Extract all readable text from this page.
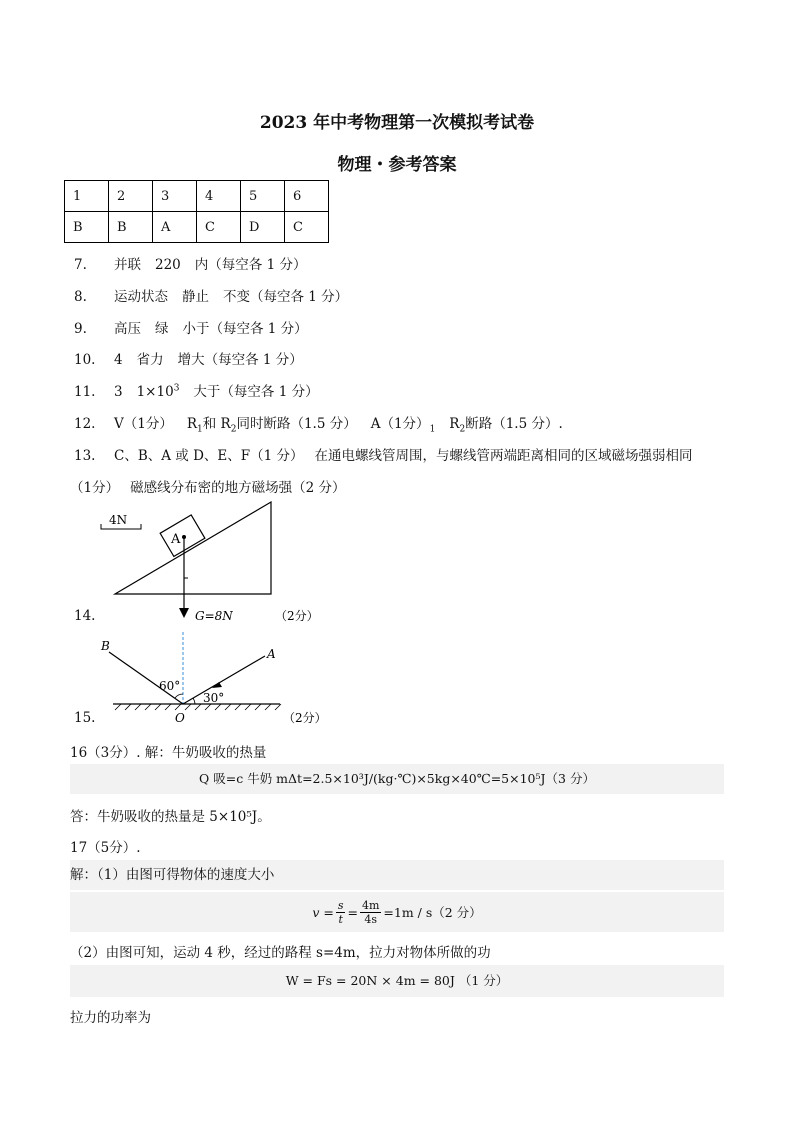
2023 年中考物理第一次模拟考试卷
物理・参考答案
1	2	3	4	5	6
B	B	A	C	D	C
7. 并联 220 内（每空各 1 分）
8. 运动状态 静止 不变（每空各 1 分）
9. 高压 绿 小于（每空各 1 分）
10. 4 省力 增大（每空各 1 分）
11. 3 $1\times 10^3$ 大于（每空各 1 分）
12. V（1分） $R_1$和 $R_2$同时断路（1.5 分） A（1分）$_1$ $R_2$断路（1.5 分）.
13. C、B、A 或 D、E、F（1 分）　 在通电螺线管周围，与螺线管两端距离相同的区域磁场强弱相同
（1分）　 磁感线分布密的地方磁场强（2 分）
14.
4N
A
G=8N	（2分）
15.
B
A
O
60°
30°
（2分）
16（3分）. 解：牛奶吸收的热量
Q 吸=c 牛奶 mΔt=2.5×10³J/(kg·℃)×5kg×40℃=5×10⁵J（3 分）
答：牛奶吸收的热量是 5×10⁵J。
17（5分）.
解：（1）由图可得物体的速度大小
$v = \frac{s}{t} = \frac{4m}{4s} =1m / s(2$ 分）
（2）由图可知，运动 4 秒，经过的路程 s=4m，拉力对物体所做的功
W = Fs = 20N × 4m = 80J （1 分）
拉力的功率为
